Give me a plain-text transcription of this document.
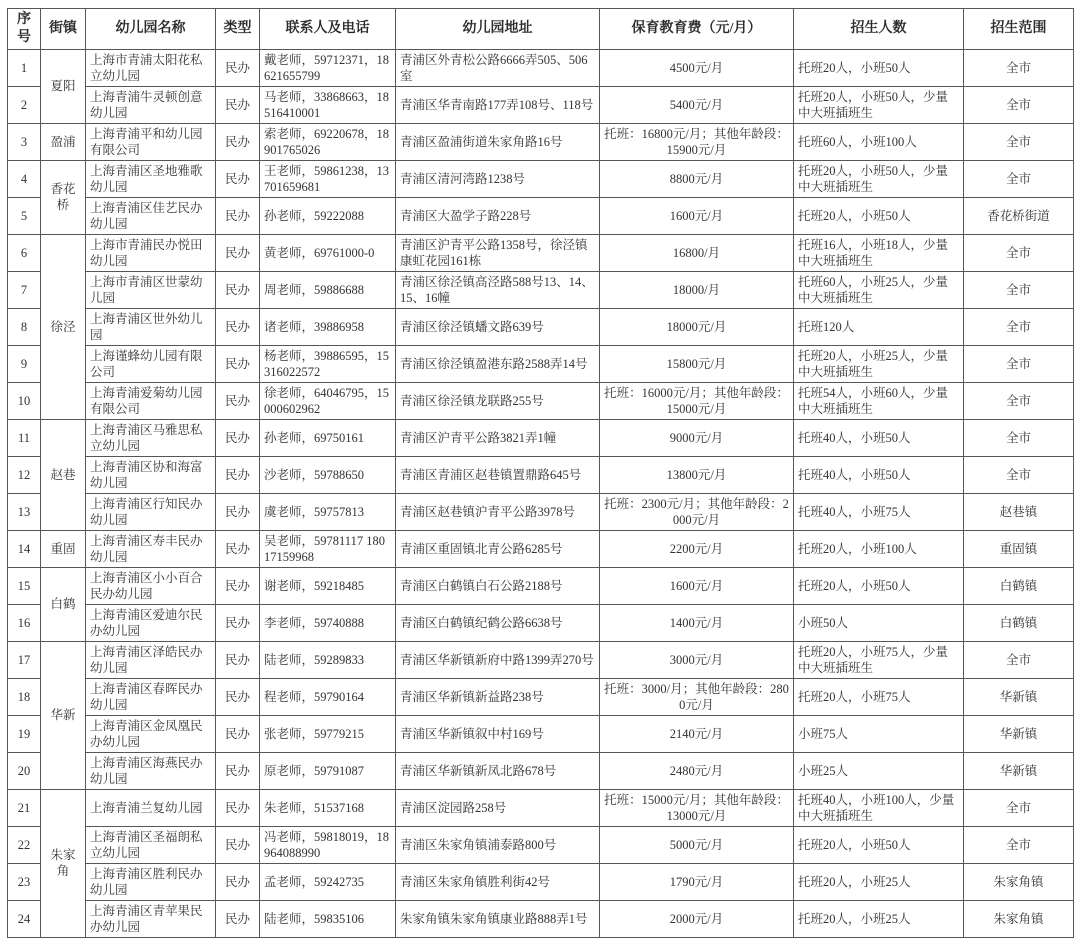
序号	街镇	幼儿园名称	类型	联系人及电话	幼儿园地址	保育教育费（元/月）	招生人数	招生范围
1	夏阳	上海市青浦太阳花私立幼儿园	民办	戴老师，59712371，18621655799	青浦区外青松公路6666弄505、506室	4500元/月	托班20人，小班50人	全市
2		上海青浦牛灵顿创意幼儿园	民办	马老师，33868663，18516410001	青浦区华青南路177弄108号、118号	5400元/月	托班20人，小班50人，少量中大班插班生	全市
3	盈浦	上海青浦平和幼儿园有限公司	民办	索老师，69220678，18901765026	青浦区盈浦街道朱家角路16号	托班：16800元/月；其他年龄段：15900元/月	托班60人，小班100人	全市
4	香花桥	上海青浦区圣地雅歌幼儿园	民办	王老师，59861238，13701659681	青浦区清河湾路1238号	8800元/月	托班20人，小班50人，少量中大班插班生	全市
5		上海青浦区佳艺民办幼儿园	民办	孙老师，59222088	青浦区大盈学子路228号	1600元/月	托班20人，小班50人	香花桥街道
6	徐泾	上海市青浦民办悦田幼儿园	民办	黄老师，69761000-0	青浦区沪青平公路1358号，徐泾镇康虹花园161栋	16800/月	托班16人，小班18人，少量中大班插班生	全市
7		上海市青浦区世蒙幼儿园	民办	周老师，59886688	青浦区徐泾镇高泾路588号13、14、15、16幢	18000/月	托班60人，小班25人，少量中大班插班生	全市
8		上海青浦区世外幼儿园	民办	诸老师，39886958	青浦区徐泾镇蟠文路639号	18000元/月	托班120人	全市
9		上海谨蜂幼儿园有限公司	民办	杨老师，39886595，15316022572	青浦区徐泾镇盈港东路2588弄14号	15800元/月	托班20人，小班25人，少量中大班插班生	全市
10		上海青浦爱菊幼儿园有限公司	民办	徐老师，64046795，15000602962	青浦区徐泾镇龙联路255号	托班：16000元/月；其他年龄段：15000元/月	托班54人，小班60人，少量中大班插班生	全市
11	赵巷	上海青浦区马雅思私立幼儿园	民办	孙老师，69750161	青浦区沪青平公路3821弄1幢	9000元/月	托班40人，小班50人	全市
12		上海青浦区协和海富幼儿园	民办	沙老师，59788650	青浦区青浦区赵巷镇置鼎路645号	13800元/月	托班40人，小班50人	全市
13		上海青浦区行知民办幼儿园	民办	虞老师，59757813	青浦区赵巷镇沪青平公路3978号	托班：2300元/月；其他年龄段：2000元/月	托班40人，小班75人	赵巷镇
14	重固	上海青浦区寿丰民办幼儿园	民办	吴老师，59781117 18017159968	青浦区重固镇北青公路6285号	2200元/月	托班20人，小班100人	重固镇
15	白鹤	上海青浦区小小百合民办幼儿园	民办	谢老师，59218485	青浦区白鹤镇白石公路2188号	1600元/月	托班20人，小班50人	白鹤镇
16		上海青浦区爱迪尔民办幼儿园	民办	李老师，59740888	青浦区白鹤镇纪鹤公路6638号	1400元/月	小班50人	白鹤镇
17	华新	上海青浦区泽皓民办幼儿园	民办	陆老师，59289833	青浦区华新镇新府中路1399弄270号	3000元/月	托班20人，小班75人，少量中大班插班生	全市
18		上海青浦区春晖民办幼儿园	民办	程老师，59790164	青浦区华新镇新益路238号	托班：3000/月；其他年龄段：2800元/月	托班20人，小班75人	华新镇
19		上海青浦区金凤凰民办幼儿园	民办	张老师，59779215	青浦区华新镇叙中村169号	2140元/月	小班75人	华新镇
20		上海青浦区海燕民办幼儿园	民办	原老师，59791087	青浦区华新镇新凤北路678号	2480元/月	小班25人	华新镇
21	朱家角	上海青浦兰复幼儿园	民办	朱老师，51537168	青浦区淀园路258号	托班：15000元/月；其他年龄段：13000元/月	托班40人，小班100人，少量中大班插班生	全市
22		上海青浦区圣福朗私立幼儿园	民办	冯老师，59818019，18964088990	青浦区朱家角镇浦泰路800号	5000元/月	托班20人，小班50人	全市
23		上海青浦区胜利民办幼儿园	民办	孟老师，59242735	青浦区朱家角镇胜利街42号	1790元/月	托班20人，小班25人	朱家角镇
24		上海青浦区青苹果民办幼儿园	民办	陆老师，59835106	朱家角镇朱家角镇康业路888弄1号	2000元/月	托班20人，小班25人	朱家角镇
